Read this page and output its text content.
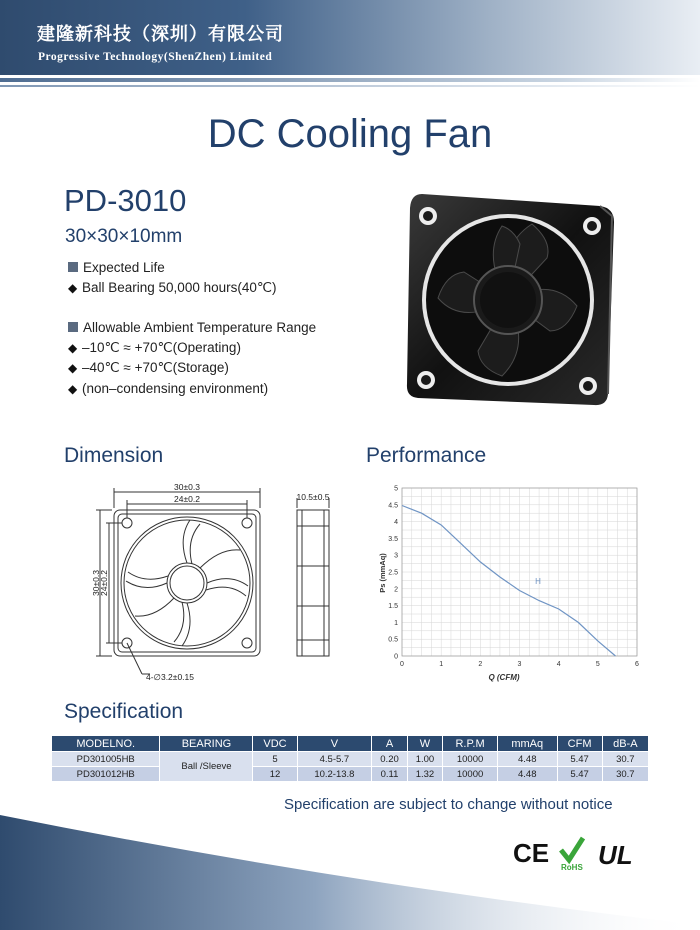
建隆新科技（深圳）有限公司
Progressive Technology(ShenZhen) Limited
DC Cooling Fan
PD-3010
30×30×10mm
Expected Life
◆ Ball Bearing 50,000 hours(40℃)
Allowable Ambient Temperature Range
◆ –10℃ ≈ +70℃(Operating)
◆ –40℃ ≈ +70℃(Storage)
◆ (non–condensing environment)
Dimension	Performance
Specification
30±0.3
24±0.2
30±0.3
24±0.2
10.5±0.5
4-∅3.2±0.15
0	1	2	3	4	5	6
0
0.5
1
1.5
2
2.5
3
3.5
4
4.5
5
H
Q (CFM)
Ps (mmAq)
MODELNO.	BEARING	VDC	V	A	W	R.P.M	mmAq	CFM	dB-A
PD301005HB	Ball /Sleeve	5	4.5-5.7	0.20	1.00	10000	4.48	5.47	30.7
PD301012HB		12	10.2-13.8	0.11	1.32	10000	4.48	5.47	30.7
Specification are subject to change without notice
CE RoHS UL
